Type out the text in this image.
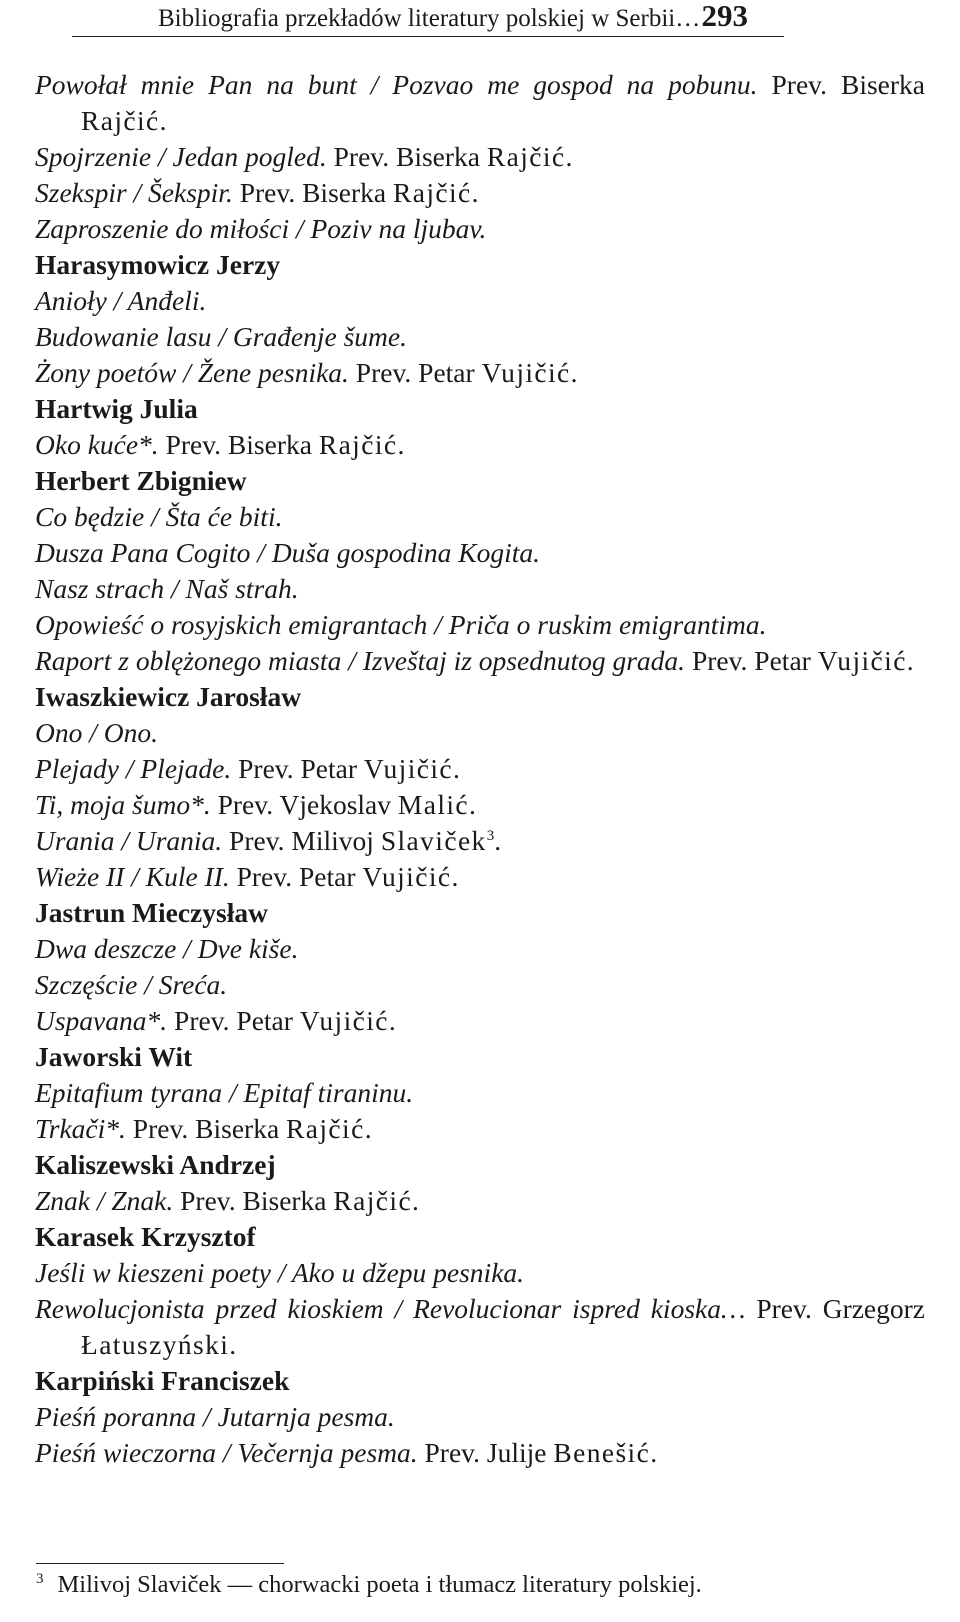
Bibliografia przekładów literatury polskiej w Serbii… 293
Powołał mnie Pan na bunt / Pozvao me gospod na pobunu. Prev. Biserka Rajčić.
Spojrzenie / Jedan pogled. Prev. Biserka Rajčić.
Szekspir / Šekspir. Prev. Biserka Rajčić.
Zaproszenie do miłości / Poziv na ljubav.
Harasymowicz Jerzy
Anioły / Anđeli.
Budowanie lasu / Građenje šume.
Żony poetów / Žene pesnika. Prev. Petar Vujičić.
Hartwig Julia
Oko kuće*. Prev. Biserka Rajčić.
Herbert Zbigniew
Co będzie / Šta će biti.
Dusza Pana Cogito / Duša gospodina Kogita.
Nasz strach / Naš strah.
Opowieść o rosyjskich emigrantach / Priča o ruskim emigrantima.
Raport z oblężonego miasta / Izveštaj iz opsednutog grada. Prev. Petar Vujičić.
Iwaszkiewicz Jarosław
Ono / Ono.
Plejady / Plejade. Prev. Petar Vujičić.
Ti, moja šumo*. Prev. Vjekoslav Malić.
Urania / Urania. Prev. Milivoj Slaviček$^3$.
Wieże II / Kule II. Prev. Petar Vujičić.
Jastrun Mieczysław
Dwa deszcze / Dve kiše.
Szczęście / Sreća.
Uspavana*. Prev. Petar Vujičić.
Jaworski Wit
Epitafium tyrana / Epitaf tiraninu.
Trkači*. Prev. Biserka Rajčić.
Kaliszewski Andrzej
Znak / Znak. Prev. Biserka Rajčić.
Karasek Krzysztof
Jeśli w kieszeni poety / Ako u džepu pesnika.
Rewolucjonista przed kioskiem / Revolucionar ispred kioska… Prev. Grzegorz Łatuszyński.
Karpiński Franciszek
Pieśń poranna / Jutarnja pesma.
Pieśń wieczorna / Večernja pesma. Prev. Julije Benešić.
$^3$ Milivoj Slaviček — chorwacki poeta i tłumacz literatury polskiej.
